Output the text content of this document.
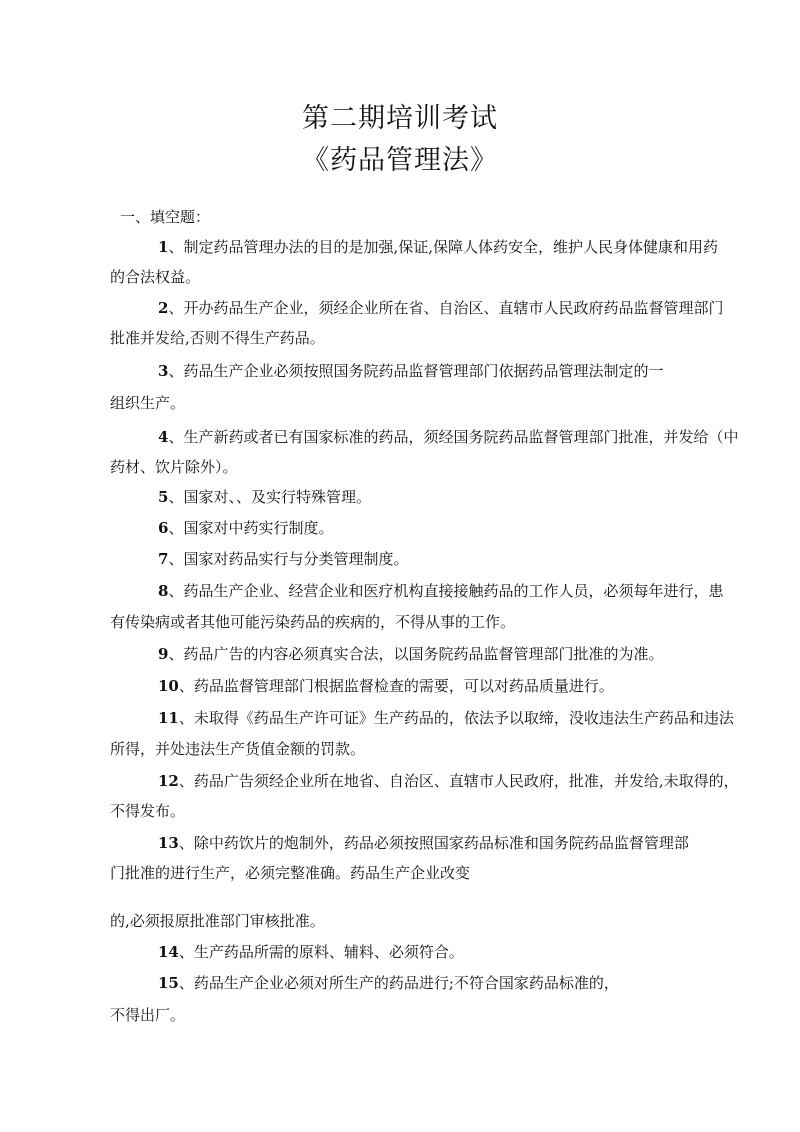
第二期培训考试
《药品管理法》
一、填空题：
1、制定药品管理办法的目的是加强,保证,保障人体药安全，维护人民身体健康和用药
的合法权益。
2、开办药品生产企业，须经企业所在省、自治区、直辖市人民政府药品监督管理部门
批准并发给,否则不得生产药品。
3、药品生产企业必须按照国务院药品监督管理部门依据药品管理法制定的一
组织生产。
4、生产新药或者已有国家标准的药品，须经国务院药品监督管理部门批准，并发给（中
药材、饮片除外）。
5、国家对、、及实行特殊管理。
6、国家对中药实行制度。
7、国家对药品实行与分类管理制度。
8、药品生产企业、经营企业和医疗机构直接接触药品的工作人员，必须每年进行，患
有传染病或者其他可能污染药品的疾病的，不得从事的工作。
9、药品广告的内容必须真实合法，以国务院药品监督管理部门批准的为准。
10、药品监督管理部门根据监督检查的需要，可以对药品质量进行。
11、未取得《药品生产许可证》生产药品的，依法予以取缔，没收违法生产药品和违法
所得，并处违法生产货值金额的罚款。
12、药品广告须经企业所在地省、自治区、直辖市人民政府，批准，并发给,未取得的，
不得发布。
13、除中药饮片的炮制外，药品必须按照国家药品标准和国务院药品监督管理部
门批准的进行生产，必须完整准确。药品生产企业改变
的,必须报原批准部门审核批准。
14、生产药品所需的原料、辅料、必须符合。
15、药品生产企业必须对所生产的药品进行;不符合国家药品标准的，
不得出厂。
